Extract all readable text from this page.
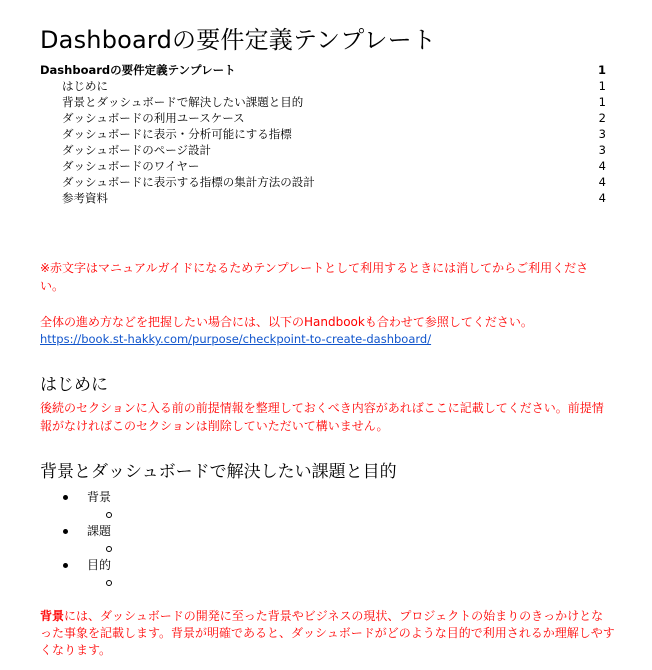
Dashboardの要件定義テンプレート
Dashboardの要件定義テンプレート	1
はじめに	1
背景とダッシュボードで解決したい課題と目的	1
ダッシュボードの利用ユースケース	2
ダッシュボードに表示・分析可能にする指標	3
ダッシュボードのページ設計	3
ダッシュボードのワイヤー	4
ダッシュボードに表示する指標の集計方法の設計	4
参考資料	4

※赤文字はマニュアルガイドになるためテンプレートとして利用するときには消してからご利用ください。

全体の進め方などを把握したい場合には、以下のHandbookも合わせて参照してください。
https://book.st-hakky.com/purpose/checkpoint-to-create-dashboard/

はじめに

後続のセクションに入る前の前提情報を整理しておくべき内容があればここに記載してください。前提情報がなければこのセクションは削除していただいて構いません。

背景とダッシュボードで解決したい課題と目的
背景
課題
目的

背景には、ダッシュボードの開発に至った背景やビジネスの現状、プロジェクトの始まりのきっかけとなった事象を記載します。背景が明確であると、ダッシュボードがどのような目的で利用されるか理解しやすくなります。
